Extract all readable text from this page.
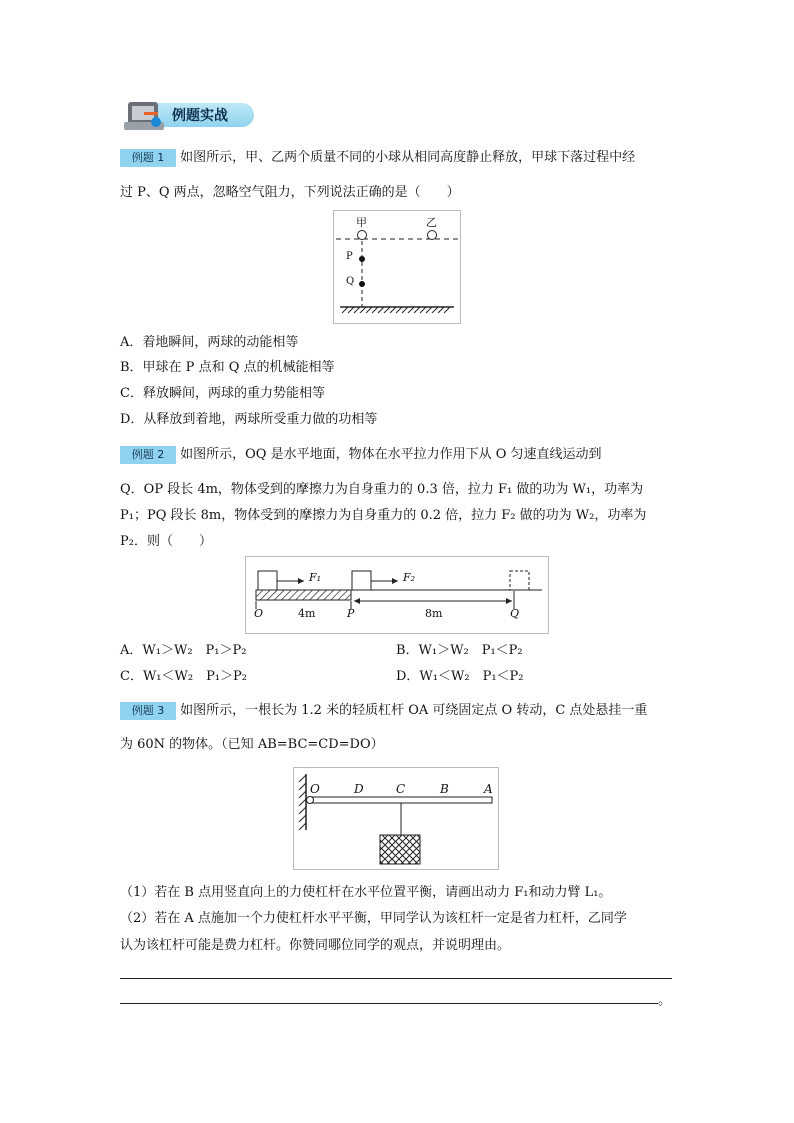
例题实战
例题 1 如图所示，甲、乙两个质量不同的小球从相同高度静止释放，甲球下落过程中经
过 P、Q 两点，忽略空气阻力，下列说法正确的是（　　）
甲	乙
P
Q
A．着地瞬间，两球的动能相等
B．甲球在 P 点和 Q 点的机械能相等
C．释放瞬间，两球的重力势能相等
D．从释放到着地，两球所受重力做的功相等
例题 2 如图所示，OQ 是水平地面，物体在水平拉力作用下从 O 匀速直线运动到
Q．OP 段长 4m，物体受到的摩擦力为自身重力的 0.3 倍，拉力 F₁ 做的功为 W₁，功率为
P₁；PQ 段长 8m，物体受到的摩擦力为自身重力的 0.2 倍，拉力 F₂ 做的功为 W₂，功率为
P₂．则（　　）
F₁	F₂
O	4m	P	8m	Q
A．W₁＞W₂　P₁＞P₂	B．W₁＞W₂　P₁＜P₂
C．W₁＜W₂　P₁＞P₂	D．W₁＜W₂　P₁＜P₂
例题 3 如图所示，一根长为 1.2 米的轻质杠杆 OA 可绕固定点 O 转动，C 点处悬挂一重
为 60N 的物体。（已知 AB=BC=CD=DO）
O	D	C	B	A
（1）若在 B 点用竖直向上的力使杠杆在水平位置平衡，请画出动力 F₁和动力臂 L₁。
（2）若在 A 点施加一个力使杠杆水平平衡，甲同学认为该杠杆一定是省力杠杆，乙同学
认为该杠杆可能是费力杠杆。你赞同哪位同学的观点，并说明理由。
。
